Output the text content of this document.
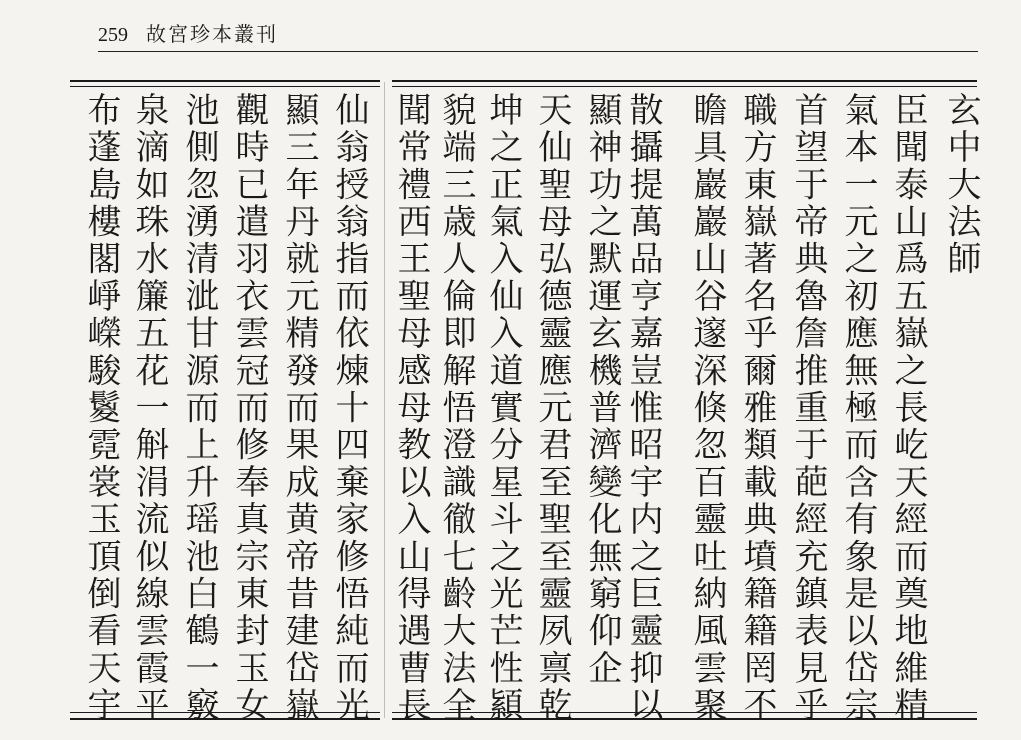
259 故宮珍本叢刊
玄中大法師
臣聞泰山爲五嶽之長屹天經而奠地維精
氣本一元之初應無極而含有象是以岱宗
首望于帝典魯詹推重于葩經充鎮表見乎
職方東嶽著名乎爾雅類載典墳籍籍罔不
瞻具巖巖山谷邃深倏忽百靈吐納風雲聚
散攝提萬品亨嘉豈惟昭宇内之巨靈抑以
顯神功之默運玄機普濟變化無窮仰企
天仙聖母弘德靈應元君至聖至靈夙禀乾
坤之正氣入仙入道實分星斗之光芒性顈
貌端三歳人倫即解悟澄識徹七齡大法全
聞常禮西王聖母感母教以入山得遇曹長
仙翁授翁指而依煉十四棄家修悟純而光
顯三年丹就元精發而果成黄帝昔建岱嶽
觀時已遣羽衣雲冠而修奉真宗東封玉女
池側忽湧清泚甘源而上升瑶池白鶴一竅
泉滴如珠水簾五花一斛涓流似線雲霞平
布蓬島樓閣崢嶸駿鬉霓裳玉頂倒看天宇
